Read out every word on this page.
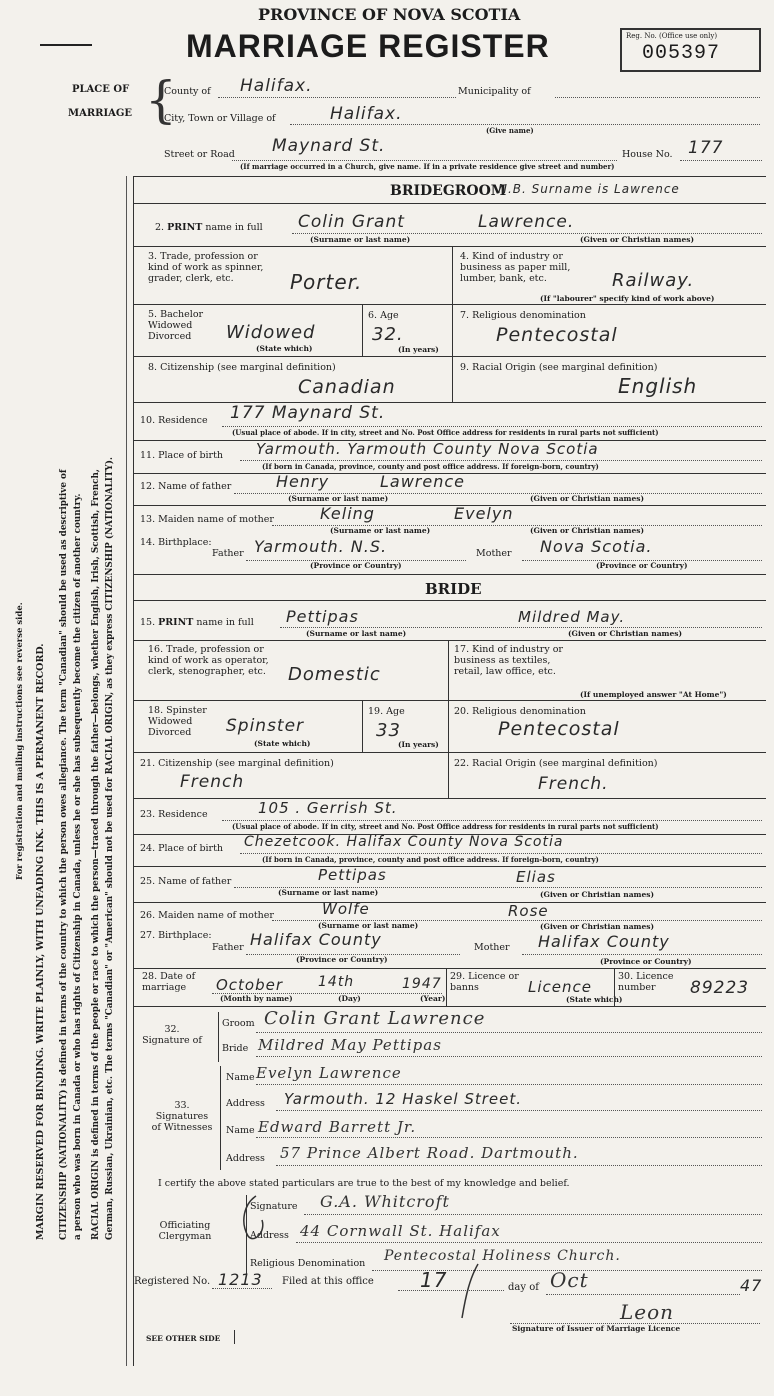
For registration and mailing instructions see reverse side. MARGIN RESERVED FOR BINDING. WRITE PLAINLY, WITH UNFADING INK. THIS IS A PERMANENT RECORD. CITIZENSHIP (NATIONALITY) is defined in terms of the country to which the person owes allegiance. The term "Canadian" should be used as descriptive of a person who was born in Canada or who has rights of Citizenship in Canada, unless he or she has subsequently become the citizen of another country. RACIAL ORIGIN is defined in terms of the people or race to which the person—traced through the father—belongs, whether English, Irish, Scottish, French, German, Russian, Ukrainian, etc. The terms "Canadian" or "American" should not be used for RACIAL ORIGIN, as they express CITIZENSHIP (NATIONALITY).
PROVINCE OF NOVA SCOTIA
MARRIAGE REGISTER	Reg. No. (Office use only)
005397
PLACE OF
MARRIAGE {
County of Halifax.	Municipality of
City, Town or Village of	Halifax.
(Give name)
Street or Road Maynard St.	House No. 177
(If marriage occurred in a Church, give name. If in a private residence give street and number)
BRIDEGROOM
N.B. Surname is Lawrence
2. PRINT name in full Colin Grant	Lawrence.
(Surname or last name)	(Given or Christian names)
3. Trade, profession or kind of work as spinner, grader, clerk, etc.	Porter.
4. Kind of industry or business as paper mill, lumber, bank, etc.	Railway.
(If "labourer" specify kind of work above)
5. Bachelor Widowed Divorced	Widowed
(State which)
6. Age
32.
(In years)
7. Religious denomination
Pentecostal
8. Citizenship (see marginal definition)
Canadian
9. Racial Origin (see marginal definition)
English
10. Residence 177 Maynard St.
(Usual place of abode. If in city, street and No. Post Office address for residents in rural parts not sufficient)
11. Place of birth Yarmouth. Yarmouth County Nova Scotia
(If born in Canada, province, county and post office address. If foreign-born, country)
12. Name of father	Henry	Lawrence
(Surname or last name)	(Given or Christian names)
13. Maiden name of mother	Keling	Evelyn
(Surname or last name)	(Given or Christian names)
14. Birthplace:
Father Yarmouth. N.S.	Mother Nova Scotia.
(Province or Country)	(Province or Country)
BRIDE
15. PRINT name in full Pettipas	Mildred May.
(Surname or last name)	(Given or Christian names)
16. Trade, profession or kind of work as operator, clerk, stenographer, etc.	Domestic
17. Kind of industry or business as textiles, retail, law office, etc.
(If unemployed answer "At Home")
18. Spinster Widowed Divorced	Spinster
(State which)
19. Age
33
(In years)
20. Religious denomination
Pentecostal
21. Citizenship (see marginal definition)
French
22. Racial Origin (see marginal definition)
French.
23. Residence	105 . Gerrish St.
(Usual place of abode. If in city, street and No. Post Office address for residents in rural parts not sufficient)
24. Place of birth Chezetcook. Halifax County Nova Scotia
(If born in Canada, province, county and post office address. If foreign-born, country)
25. Name of father	Pettipas	Elias
(Surname or last name)	(Given or Christian names)
26. Maiden name of mother	Wolfe	Rose
(Surname or last name)	(Given or Christian names)
27. Birthplace:
Father Halifax County	Mother Halifax County
(Province or Country)	(Province or Country)
28. Date of marriage	October 14th	1947
(Month by name)	(Day)	(Year)
29. Licence or banns	Licence
(State which)
30. Licence number	89223
32. Signature of
Groom Colin Grant Lawrence
Bride Mildred May Pettipas
33. Signatures of Witnesses
Name Evelyn Lawrence
Address Yarmouth. 12 Haskel Street.
Name Edward Barrett Jr.
Address 57 Prince Albert Road. Dartmouth.
I certify the above stated particulars are true to the best of my knowledge and belief.
Signature G.A. Whitcroft
Officiating Clergyman	Address 44 Cornwall St. Halifax
Religious Denomination Pentecostal Holiness Church.
Registered No. 1213 Filed at this office 17	day of Oct	47
Leon
Signature of Issuer of Marriage Licence
SEE OTHER SIDE
